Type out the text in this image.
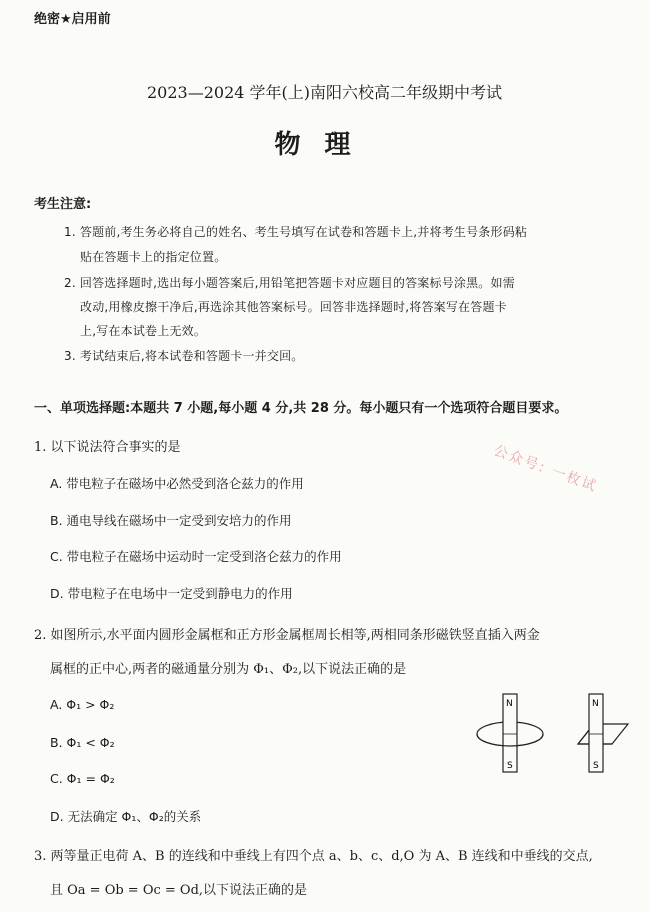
绝密★启用前
2023—2024 学年(上)南阳六校高二年级期中考试
物理
考生注意:
1. 答题前,考生务必将自己的姓名、考生号填写在试卷和答题卡上,并将考生号条形码粘
贴在答题卡上的指定位置。
2. 回答选择题时,选出每小题答案后,用铅笔把答题卡对应题目的答案标号涂黑。如需
改动,用橡皮擦干净后,再选涂其他答案标号。回答非选择题时,将答案写在答题卡
上,写在本试卷上无效。
3. 考试结束后,将本试卷和答题卡一并交回。
一、单项选择题:本题共 7 小题,每小题 4 分,共 28 分。每小题只有一个选项符合题目要求。
公众号: 一枚试
1. 以下说法符合事实的是
A. 带电粒子在磁场中必然受到洛仑兹力的作用
B. 通电导线在磁场中一定受到安培力的作用
C. 带电粒子在磁场中运动时一定受到洛仑兹力的作用
D. 带电粒子在电场中一定受到静电力的作用
2. 如图所示,水平面内圆形金属框和正方形金属框周长相等,两相同条形磁铁竖直插入两金
属框的正中心,两者的磁通量分别为 Φ₁、Φ₂,以下说法正确的是
A. Φ₁ > Φ₂
B. Φ₁ < Φ₂
C. Φ₁ = Φ₂
D. 无法确定 Φ₁、Φ₂的关系
N
S
N
S
3. 两等量正电荷 A、B 的连线和中垂线上有四个点 a、b、c、d,O 为 A、B 连线和中垂线的交点,
且 Oa = Ob = Oc = Od,以下说法正确的是
